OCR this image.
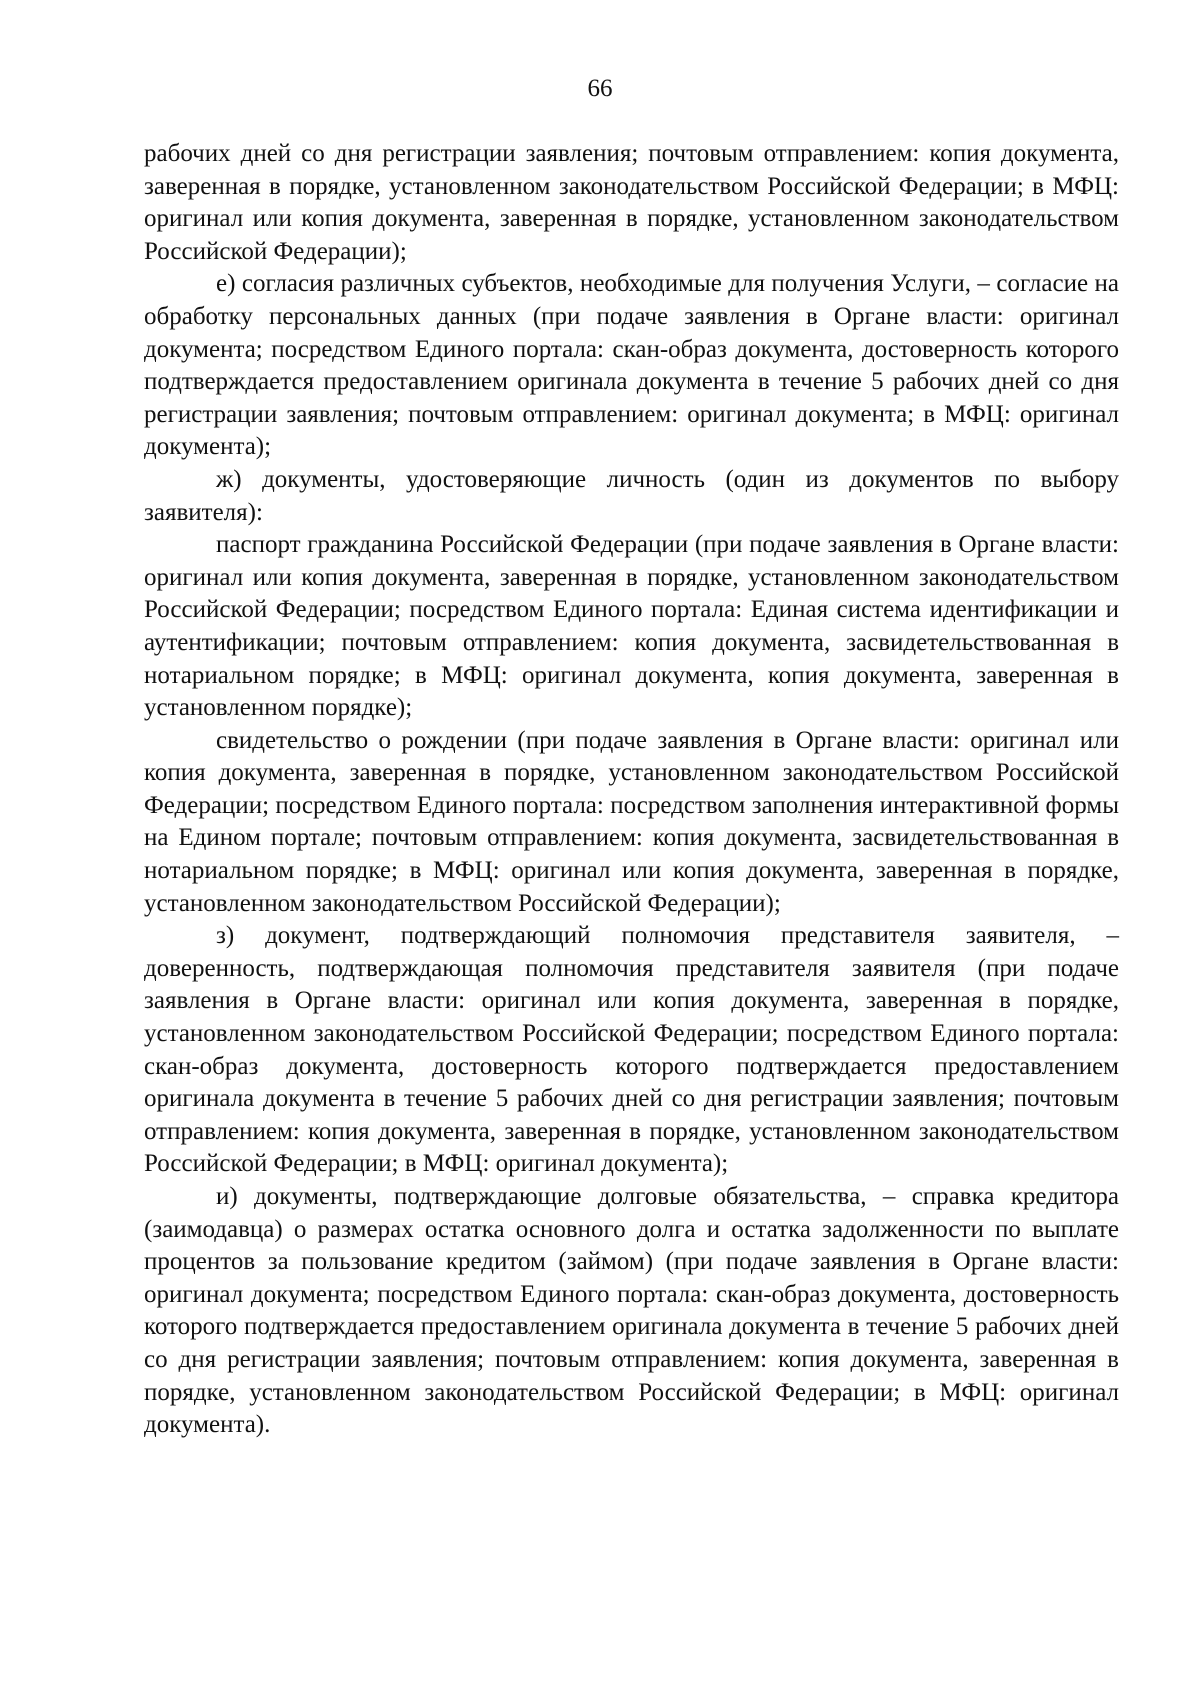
66

рабочих дней со дня регистрации заявления; почтовым отправлением: копия документа, заверенная в порядке, установленном законодательством Российской Федерации; в МФЦ: оригинал или копия документа, заверенная в порядке, установленном законодательством Российской Федерации);

е) согласия различных субъектов, необходимые для получения Услуги, – согласие на обработку персональных данных (при подаче заявления в Органе власти: оригинал документа; посредством Единого портала: скан-образ документа, достоверность которого подтверждается предоставлением оригинала документа в течение 5 рабочих дней со дня регистрации заявления; почтовым отправлением: оригинал документа; в МФЦ: оригинал документа);

ж) документы, удостоверяющие личность (один из документов по выбору заявителя):

паспорт гражданина Российской Федерации (при подаче заявления в Органе власти: оригинал или копия документа, заверенная в порядке, установленном законодательством Российской Федерации; посредством Единого портала: Единая система идентификации и аутентификации; почтовым отправлением: копия документа, засвидетельствованная в нотариальном порядке; в МФЦ: оригинал документа, копия документа, заверенная в установленном порядке);

свидетельство о рождении (при подаче заявления в Органе власти: оригинал или копия документа, заверенная в порядке, установленном законодательством Российской Федерации; посредством Единого портала: посредством заполнения интерактивной формы на Едином портале; почтовым отправлением: копия документа, засвидетельствованная в нотариальном порядке; в МФЦ: оригинал или копия документа, заверенная в порядке, установленном законодательством Российской Федерации);

з) документ, подтверждающий полномочия представителя заявителя, – доверенность, подтверждающая полномочия представителя заявителя (при подаче заявления в Органе власти: оригинал или копия документа, заверенная в порядке, установленном законодательством Российской Федерации; посредством Единого портала: скан-образ документа, достоверность которого подтверждается предоставлением оригинала документа в течение 5 рабочих дней со дня регистрации заявления; почтовым отправлением: копия документа, заверенная в порядке, установленном законодательством Российской Федерации; в МФЦ: оригинал документа);

и) документы, подтверждающие долговые обязательства, – справка кредитора (заимодавца) о размерах остатка основного долга и остатка задолженности по выплате процентов за пользование кредитом (займом) (при подаче заявления в Органе власти: оригинал документа; посредством Единого портала: скан-образ документа, достоверность которого подтверждается предоставлением оригинала документа в течение 5 рабочих дней со дня регистрации заявления; почтовым отправлением: копия документа, заверенная в порядке, установленном законодательством Российской Федерации; в МФЦ: оригинал документа).
